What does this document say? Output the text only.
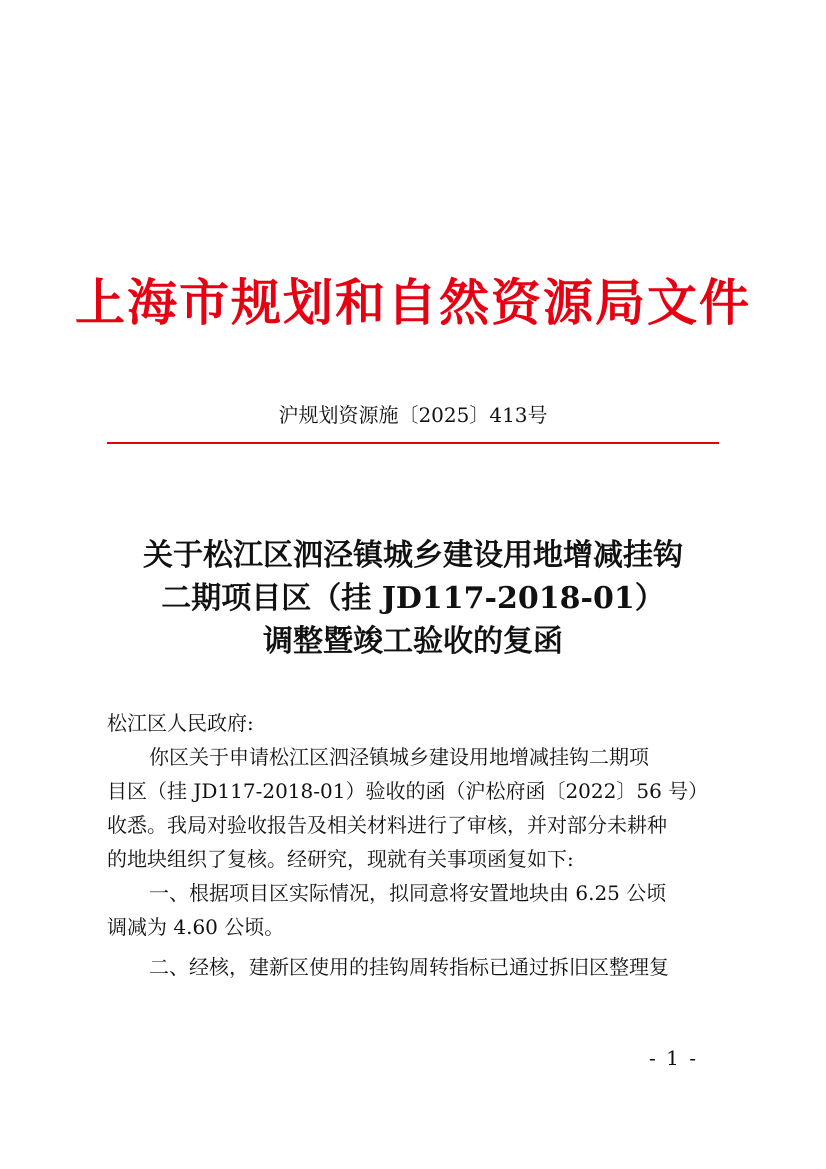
上海市规划和自然资源局文件
沪规划资源施〔2025〕413号
关于松江区泗泾镇城乡建设用地增减挂钩
二期项目区（挂 JD117-2018-01）
调整暨竣工验收的复函

松江区人民政府:

你区关于申请松江区泗泾镇城乡建设用地增减挂钩二期项

目区（挂 JD117-2018-01）验收的函（沪松府函〔2022〕56 号）

收悉。我局对验收报告及相关材料进行了审核，并对部分未耕种

的地块组织了复核。经研究，现就有关事项函复如下:

一、根据项目区实际情况，拟同意将安置地块由 6.25 公顷

调减为 4.60 公顷。

二、经核，建新区使用的挂钩周转指标已通过拆旧区整理复

- 1 -
